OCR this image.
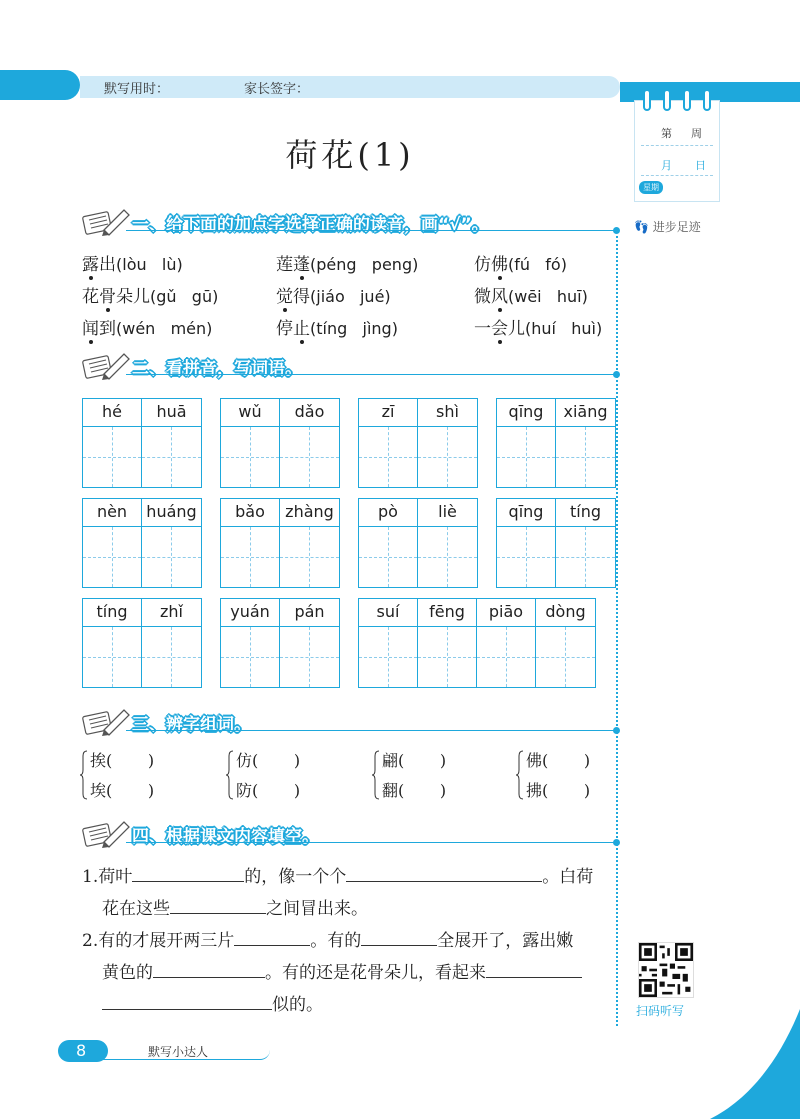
默写用时：	家长签字：
第 周
月 日
星期
👣 进步足迹
荷花(1)
一、给下面的加点字选择正确的读音，画“√”。
露出(lòu   lù)	莲蓬(péng   peng)	仿佛(fú   fó)
花骨朵儿(gǔ   gū)	觉得(jiáo   jué)	微风(wēi   huī)
闻到(wén   mén)	停止(tíng   jìng)	一会儿(huí   huì)
二、看拼音，写词语。
hé	huā	wǔ	dǎo	zī	shì	qīng	xiāng
nèn	huáng	bǎo	zhàng	pò	liè	qīng	tíng
tíng	zhǐ	yuán	pán	suí	fēng	piāo	dòng
三、辨字组词。
挨(       )
埃(       )
仿(       )
防(       )
翩(       )
翻(       )
佛(       )
拂(       )
四、根据课文内容填空。
1.荷叶	的，像一个个	。白荷
花在这些	之间冒出来。
2.有的才展开两三片	。有的	全展开了，露出嫩
黄色的	。有的还是花骨朵儿，看起来
似的。	扫码听写
8	默写小达人
